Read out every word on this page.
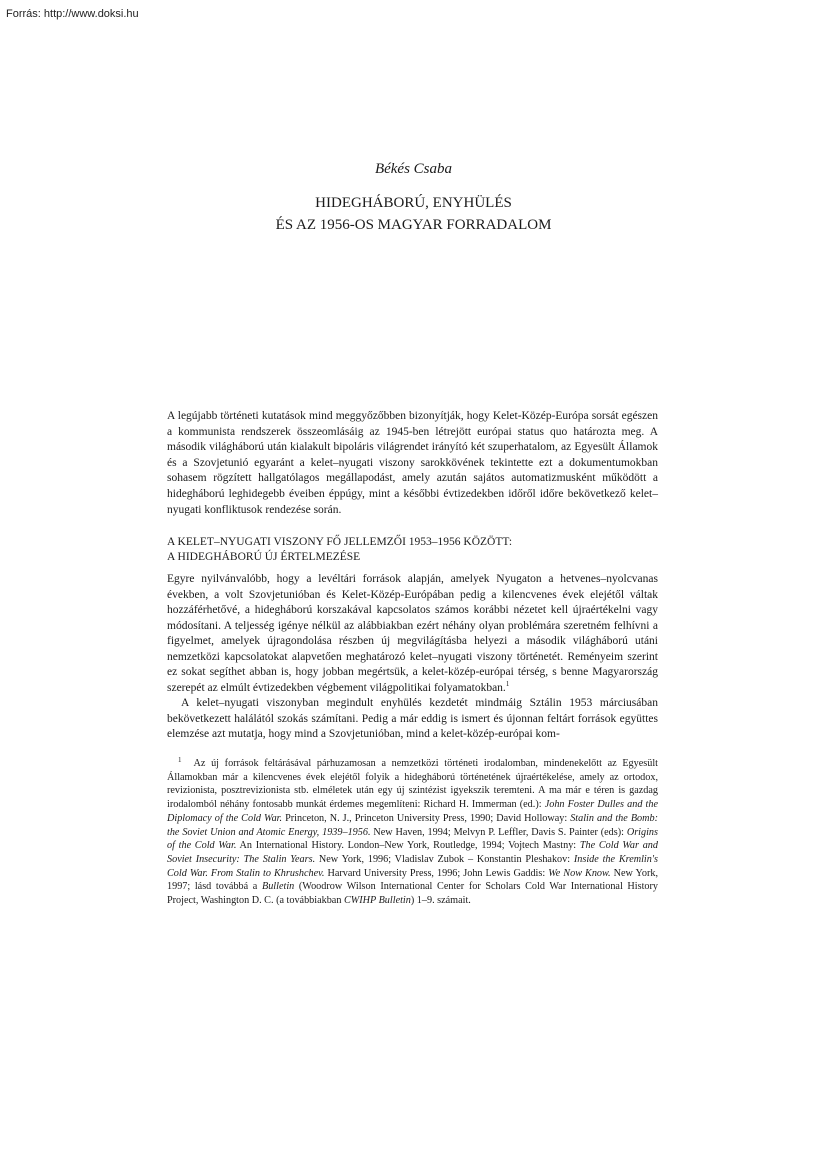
Forrás: http://www.doksi.hu
Békés Csaba
HIDEGHÁBORÚ, ENYHÜLÉS
ÉS AZ 1956-OS MAGYAR FORRADALOM
A legújabb történeti kutatások mind meggyőzőbben bizonyítják, hogy Kelet-Közép-Európa sorsát egészen a kommunista rendszerek összeomlásáig az 1945-ben létrejött európai status quo határozta meg. A második világháború után kialakult bipoláris világrendet irányító két szuperhatalom, az Egyesült Államok és a Szovjetunió egyaránt a kelet–nyugati viszony sarokkövének tekintette ezt a dokumentumokban sohasem rögzített hallgatólagos megállapodást, amely azután sajátos automatizmusként működött a hidegháború leghidegebb éveiben éppúgy, mint a későbbi évtizedekben időről időre bekövetkező kelet–nyugati konfliktusok rendezése során.
A KELET–NYUGATI VISZONY FŐ JELLEMZŐI 1953–1956 KÖZÖTT:
A HIDEGHÁBORÚ ÚJ ÉRTELMEZÉSE

Egyre nyilvánvalóbb, hogy a levéltári források alapján, amelyek Nyugaton a hetvenes–nyolcvanas években, a volt Szovjetunióban és Kelet-Közép-Európában pedig a kilencvenes évek elejétől váltak hozzáférhetővé, a hidegháború korszakával kapcsolatos számos korábbi nézetet kell újraértékelni vagy módosítani. A teljesség igénye nélkül az alábbiakban ezért néhány olyan problémára szeretném felhívni a figyelmet, amelyek újragondolása részben új megvilágításba helyezi a második világháború utáni nemzetközi kapcsolatokat alapvetően meghatározó kelet–nyugati viszony történetét. Reményeim szerint ez sokat segíthet abban is, hogy jobban megértsük, a kelet-közép-európai térség, s benne Magyarország szerepét az elmúlt évtizedekben végbement világpolitikai folyamatokban.$^1$

A kelet–nyugati viszonyban megindult enyhülés kezdetét mindmáig Sztálin 1953 márciusában bekövetkezett halálától szokás számítani. Pedig a már eddig is ismert és újonnan feltárt források együttes elemzése azt mutatja, hogy mind a Szovjetunióban, mind a kelet-közép-európai kom-

$^1$ Az új források feltárásával párhuzamosan a nemzetközi történeti irodalomban, mindenekelőtt az Egyesült Államokban már a kilencvenes évek elejétől folyik a hidegháború történetének újraértékelése, amely az ortodox, revizionista, posztrevizionista stb. elméletek után egy új szintézist igyekszik teremteni. A ma már e téren is gazdag irodalomból néhány fontosabb munkát érdemes megemlíteni: Richard H. Immerman (ed.): John Foster Dulles and the Diplomacy of the Cold War. Princeton, N. J., Princeton University Press, 1990; David Holloway: Stalin and the Bomb: the Soviet Union and Atomic Energy, 1939–1956. New Haven, 1994; Melvyn P. Leffler, Davis S. Painter (eds): Origins of the Cold War. An International History. London–New York, Routledge, 1994; Vojtech Mastny: The Cold War and Soviet Insecurity: The Stalin Years. New York, 1996; Vladislav Zubok – Konstantin Pleshakov: Inside the Kremlin's Cold War. From Stalin to Khrushchev. Harvard University Press, 1996; John Lewis Gaddis: We Now Know. New York, 1997; lásd továbbá a Bulletin (Woodrow Wilson International Center for Scholars Cold War International History Project, Washington D. C. (a továbbiakban CWIHP Bulletin) 1–9. számait.
